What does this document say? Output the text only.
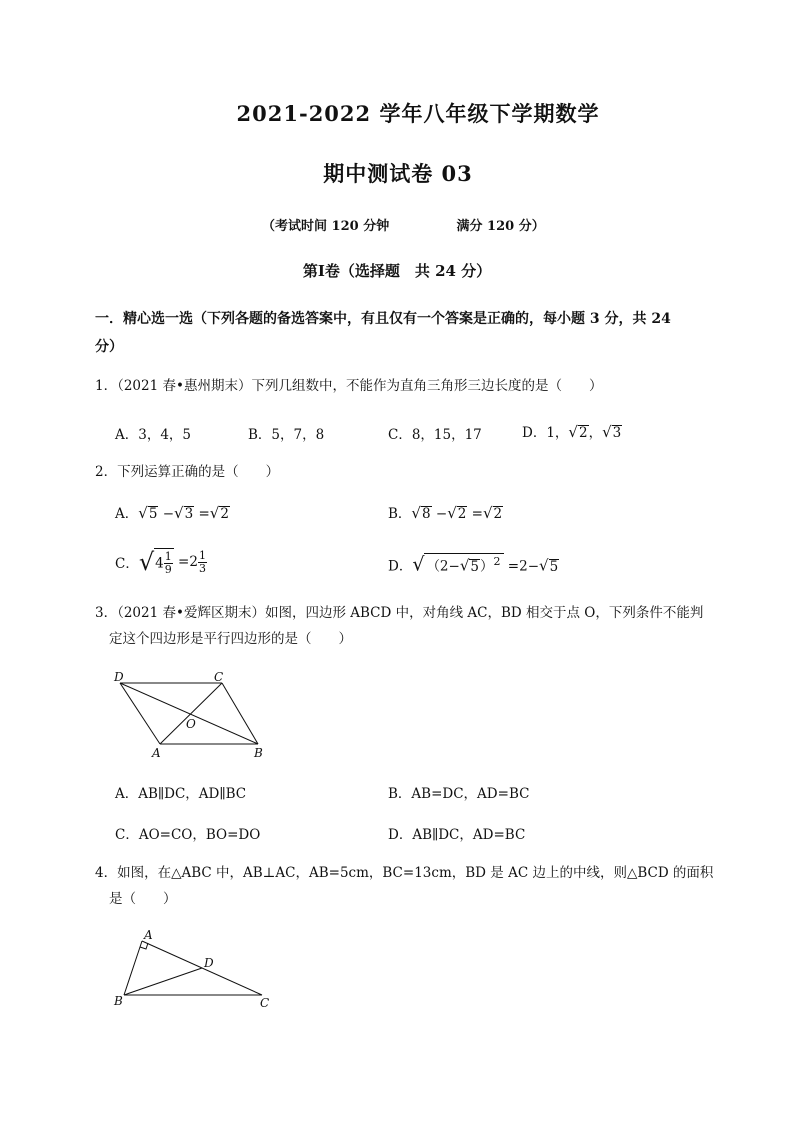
2021-2022 学年八年级下学期数学
期中测试卷 03
（考试时间 120 分钟	满分 120 分）
第Ⅰ卷（选择题　共 24 分）
一．精心选一选（下列各题的备选答案中，有且仅有一个答案是正确的，每小题 3 分，共 24
分）
1．（2021 春•惠州期末）下列几组数中，不能作为直角三角形三边长度的是（　　）
A．3，4，5	B．5，7，8	C．8，15，17	D．1，√2，√3
2．下列运算正确的是（　　）
A．√5 −√3 =√2	B．√8 −√2 =√2
C．$√4 \frac{1}{9} =2 \frac{1}{3}$	D．√ $(2-√5)^2 =2-√5$
3．（2021 春•爱辉区期末）如图，四边形 ABCD 中，对角线 AC，BD 相交于点 O，下列条件不能判
定这个四边形是平行四边形的是（　　）
D	C
O
A	B
A．AB∥DC，AD∥BC	B．AB=DC，AD=BC
C．AO=CO，BO=DO	D．AB∥DC，AD=BC
4．如图，在△ABC 中，AB⊥AC，AB=5cm，BC=13cm，BD 是 AC 边上的中线，则△BCD 的面积
是（　　）
A
D
B	C
